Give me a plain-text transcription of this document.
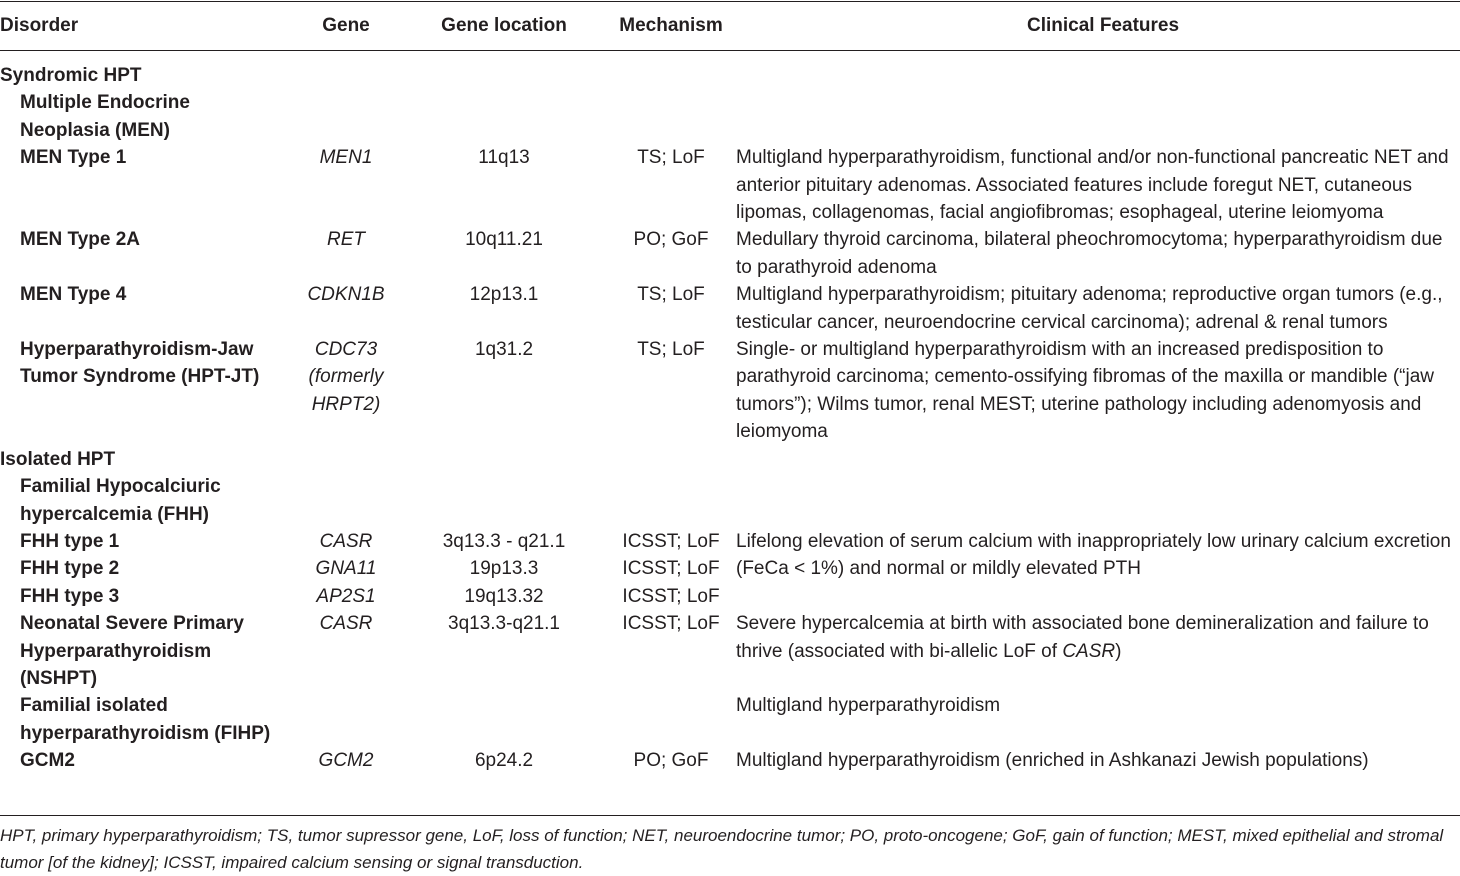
Disorder	Gene	Gene location	Mechanism	Clinical Features
Syndromic HPT				
Multiple Endocrine Neoplasia (MEN)				
MEN Type 1	MEN1	11q13	TS; LoF	Multigland hyperparathyroidism, functional and/or non-functional pancreatic NET and anterior pituitary adenomas. Associated features include foregut NET, cutaneous lipomas, collagenomas, facial angiofibromas; esophageal, uterine leiomyoma
MEN Type 2A	RET	10q11.21	PO; GoF	Medullary thyroid carcinoma, bilateral pheochromocytoma; hyperparathyroidism due to parathyroid adenoma
MEN Type 4	CDKN1B	12p13.1	TS; LoF	Multigland hyperparathyroidism; pituitary adenoma; reproductive organ tumors (e.g., testicular cancer, neuroendocrine cervical carcinoma); adrenal & renal tumors
Hyperparathyroidism-Jaw Tumor Syndrome (HPT-JT)	CDC73 (formerly HRPT2)	1q31.2	TS; LoF	Single- or multigland hyperparathyroidism with an increased predisposition to parathyroid carcinoma; cemento-ossifying fibromas of the maxilla or mandible (“jaw tumors”); Wilms tumor, renal MEST; uterine pathology including adenomyosis and leiomyoma
Isolated HPT				
Familial Hypocalciuric hypercalcemia (FHH)				
FHH type 1	CASR	3q13.3 - q21.1	ICSST; LoF	Lifelong elevation of serum calcium with inappropriately low urinary calcium excretion (FeCa < 1%) and normal or mildly elevated PTH
FHH type 2	GNA11	19p13.3	ICSST; LoF	
FHH type 3	AP2S1	19q13.32	ICSST; LoF	
Neonatal Severe Primary Hyperparathyroidism (NSHPT)	CASR	3q13.3-q21.1	ICSST; LoF	Severe hypercalcemia at birth with associated bone demineralization and failure to thrive (associated with bi-allelic LoF of CASR)
Familial isolated hyperparathyroidism (FIHP)				Multigland hyperparathyroidism
GCM2	GCM2	6p24.2	PO; GoF	Multigland hyperparathyroidism (enriched in Ashkanazi Jewish populations)
HPT, primary hyperparathyroidism; TS, tumor supressor gene, LoF, loss of function; NET, neuroendocrine tumor; PO, proto-oncogene; GoF, gain of function; MEST, mixed epithelial and stromal tumor [of the kidney]; ICSST, impaired calcium sensing or signal transduction.
